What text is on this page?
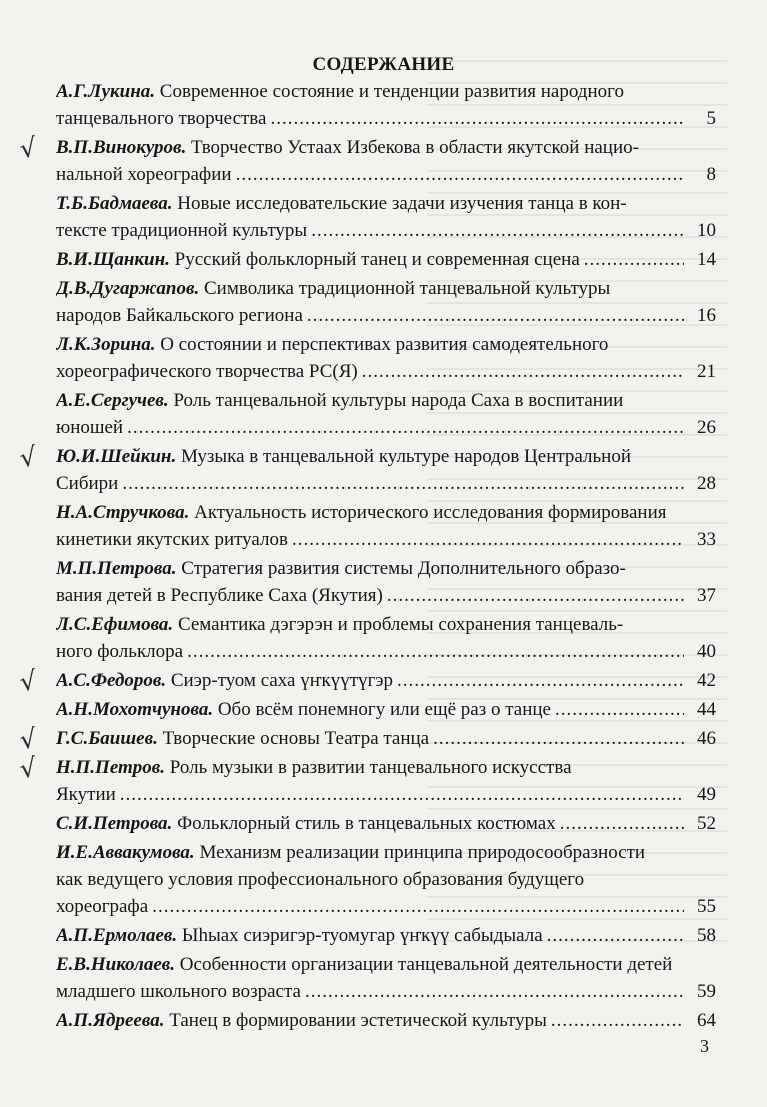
СОДЕРЖАНИЕ
А.Г.Лукина. Современное состояние и тенденции развития народного
танцевального творчества .....	5
√ В.П.Винокуров. Творчество Устаах Избекова в области якутской нацио-
нальной хореографии .....	8
Т.Б.Бадмаева. Новые исследовательские задачи изучения танца в кон-
тексте традиционной культуры .....	10
В.И.Щанкин. Русский фольклорный танец и современная сцена .....	14
Д.В.Дугаржапов. Символика традиционной танцевальной культуры
народов Байкальского региона .....	16
Л.К.Зорина. О состоянии и перспективах развития самодеятельного
хореографического творчества РС(Я) .....	21
А.Е.Сергучев. Роль танцевальной культуры народа Саха в воспитании
юношей .....	26
√ Ю.И.Шейкин. Музыка в танцевальной культуре народов Центральной
Сибири .....	28
Н.А.Стручкова. Актуальность исторического исследования формирования
кинетики якутских ритуалов .....	33
М.П.Петрова. Стратегия развития системы Дополнительного образо-
вания детей в Республике Саха (Якутия) .....	37
Л.С.Ефимова. Семантика дэгэрэн и проблемы сохранения танцеваль-
ного фольклора .....	40
√ А.С.Федоров. Сиэр-туом саха үҥкүүтүгэр .....	42
А.Н.Мохотчунова. Обо всём понемногу или ещё раз о танце .....	44
√ Г.С.Баишев. Творческие основы Театра танца .....	46
√ Н.П.Петров. Роль музыки в развитии танцевального искусства
Якутии .....	49
С.И.Петрова. Фольклорный стиль в танцевальных костюмах .....	52
И.Е.Аввакумова. Механизм реализации принципа природосообразности
как ведущего условия профессионального образования будущего
хореографа .....	55
А.П.Ермолаев. Ыһыах сиэригэр-туомугар үҥкүү сабыдыала .....	58
Е.В.Николаев. Особенности организации танцевальной деятельности детей
младшего школьного возраста .....	59
А.П.Ядреева. Танец в формировании эстетической культуры .....	64
3
